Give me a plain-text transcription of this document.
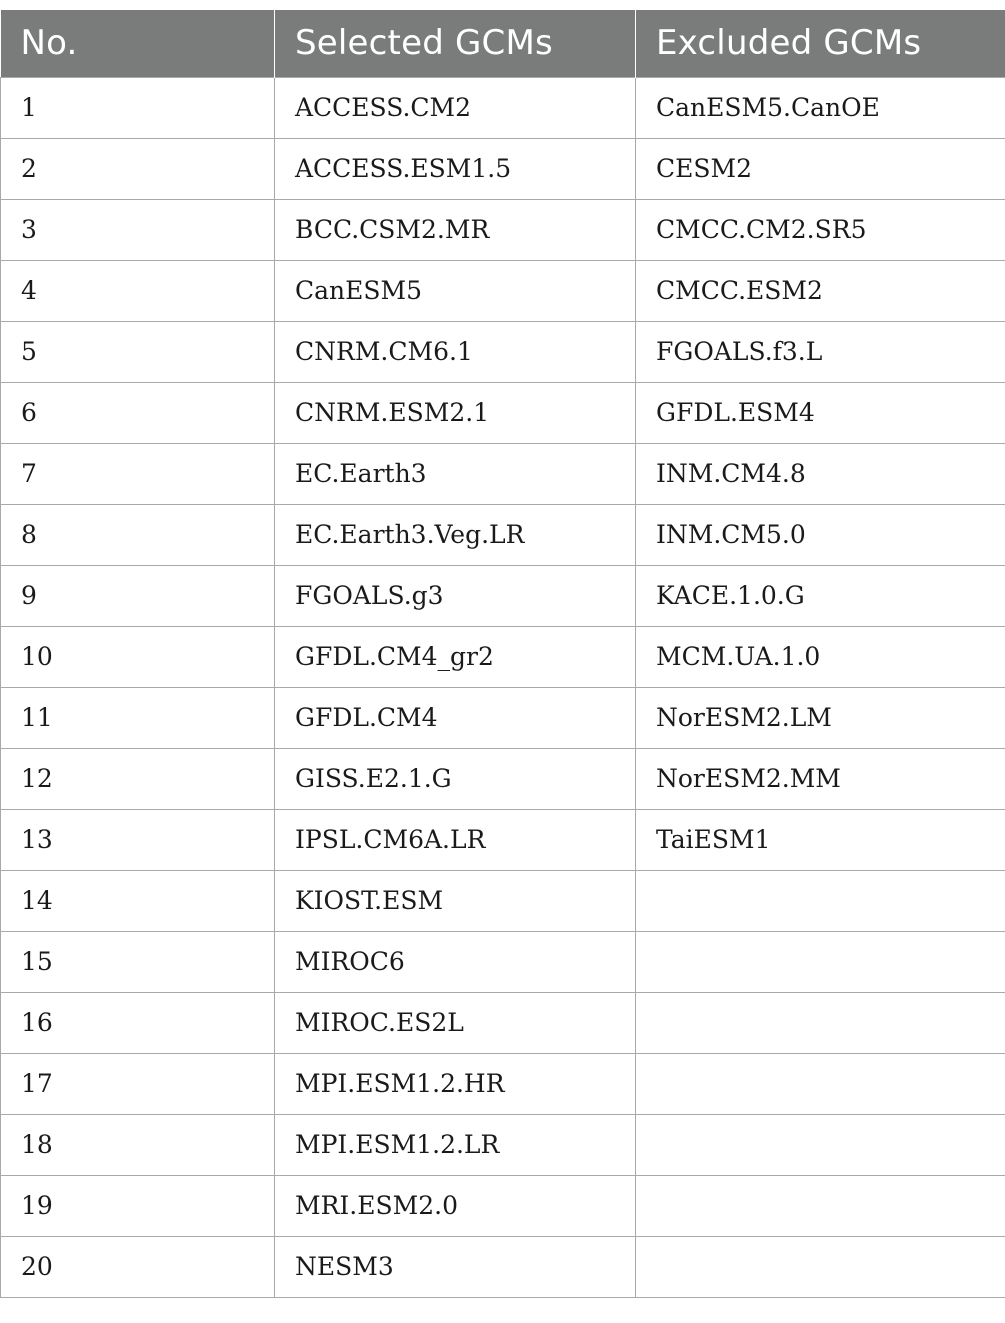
No.	Selected GCMs	Excluded GCMs
1	ACCESS.CM2	CanESM5.CanOE
2	ACCESS.ESM1.5	CESM2
3	BCC.CSM2.MR	CMCC.CM2.SR5
4	CanESM5	CMCC.ESM2
5	CNRM.CM6.1	FGOALS.f3.L
6	CNRM.ESM2.1	GFDL.ESM4
7	EC.Earth3	INM.CM4.8
8	EC.Earth3.Veg.LR	INM.CM5.0
9	FGOALS.g3	KACE.1.0.G
10	GFDL.CM4_gr2	MCM.UA.1.0
11	GFDL.CM4	NorESM2.LM
12	GISS.E2.1.G	NorESM2.MM
13	IPSL.CM6A.LR	TaiESM1
14	KIOST.ESM	
15	MIROC6	
16	MIROC.ES2L	
17	MPI.ESM1.2.HR	
18	MPI.ESM1.2.LR	
19	MRI.ESM2.0	
20	NESM3	
